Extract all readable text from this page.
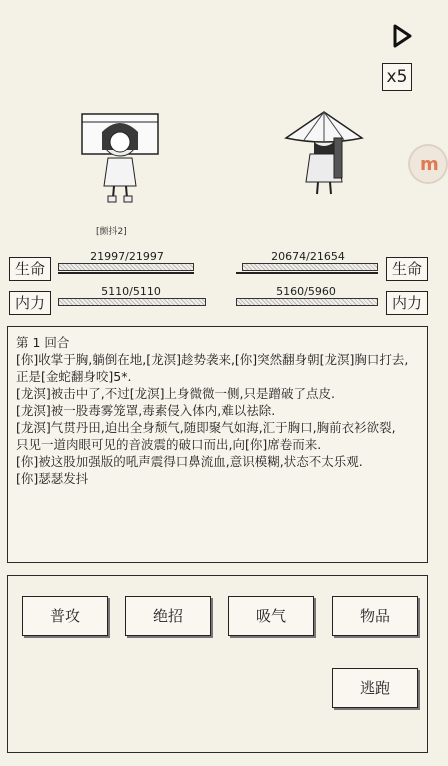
x5
m
[颤抖2]
生命
21997/21997
生命
20674/21654
内力
5110/5110
内力
5160/5960

第 1 回合

[你]收掌于胸,躺倒在地,[龙溟]趁势袭来,[你]突然翻身朝[龙溟]胸口打去,

正是[金蛇翻身咬]5*.

[龙溟]被击中了,不过[龙溟]上身微微一侧,只是蹭破了点皮.

[龙溟]被一股毒雾笼罩,毒素侵入体内,难以祛除.

[龙溟]气贯丹田,迫出全身颓气,随即聚气如海,汇于胸口,胸前衣衫欲裂,

只见一道肉眼可见的音波震的破口而出,向[你]席卷而来.

[你]被这股加强版的吼声震得口鼻流血,意识模糊,状态不太乐观.

[你]瑟瑟发抖

普攻	绝招	吸气	物品
逃跑
